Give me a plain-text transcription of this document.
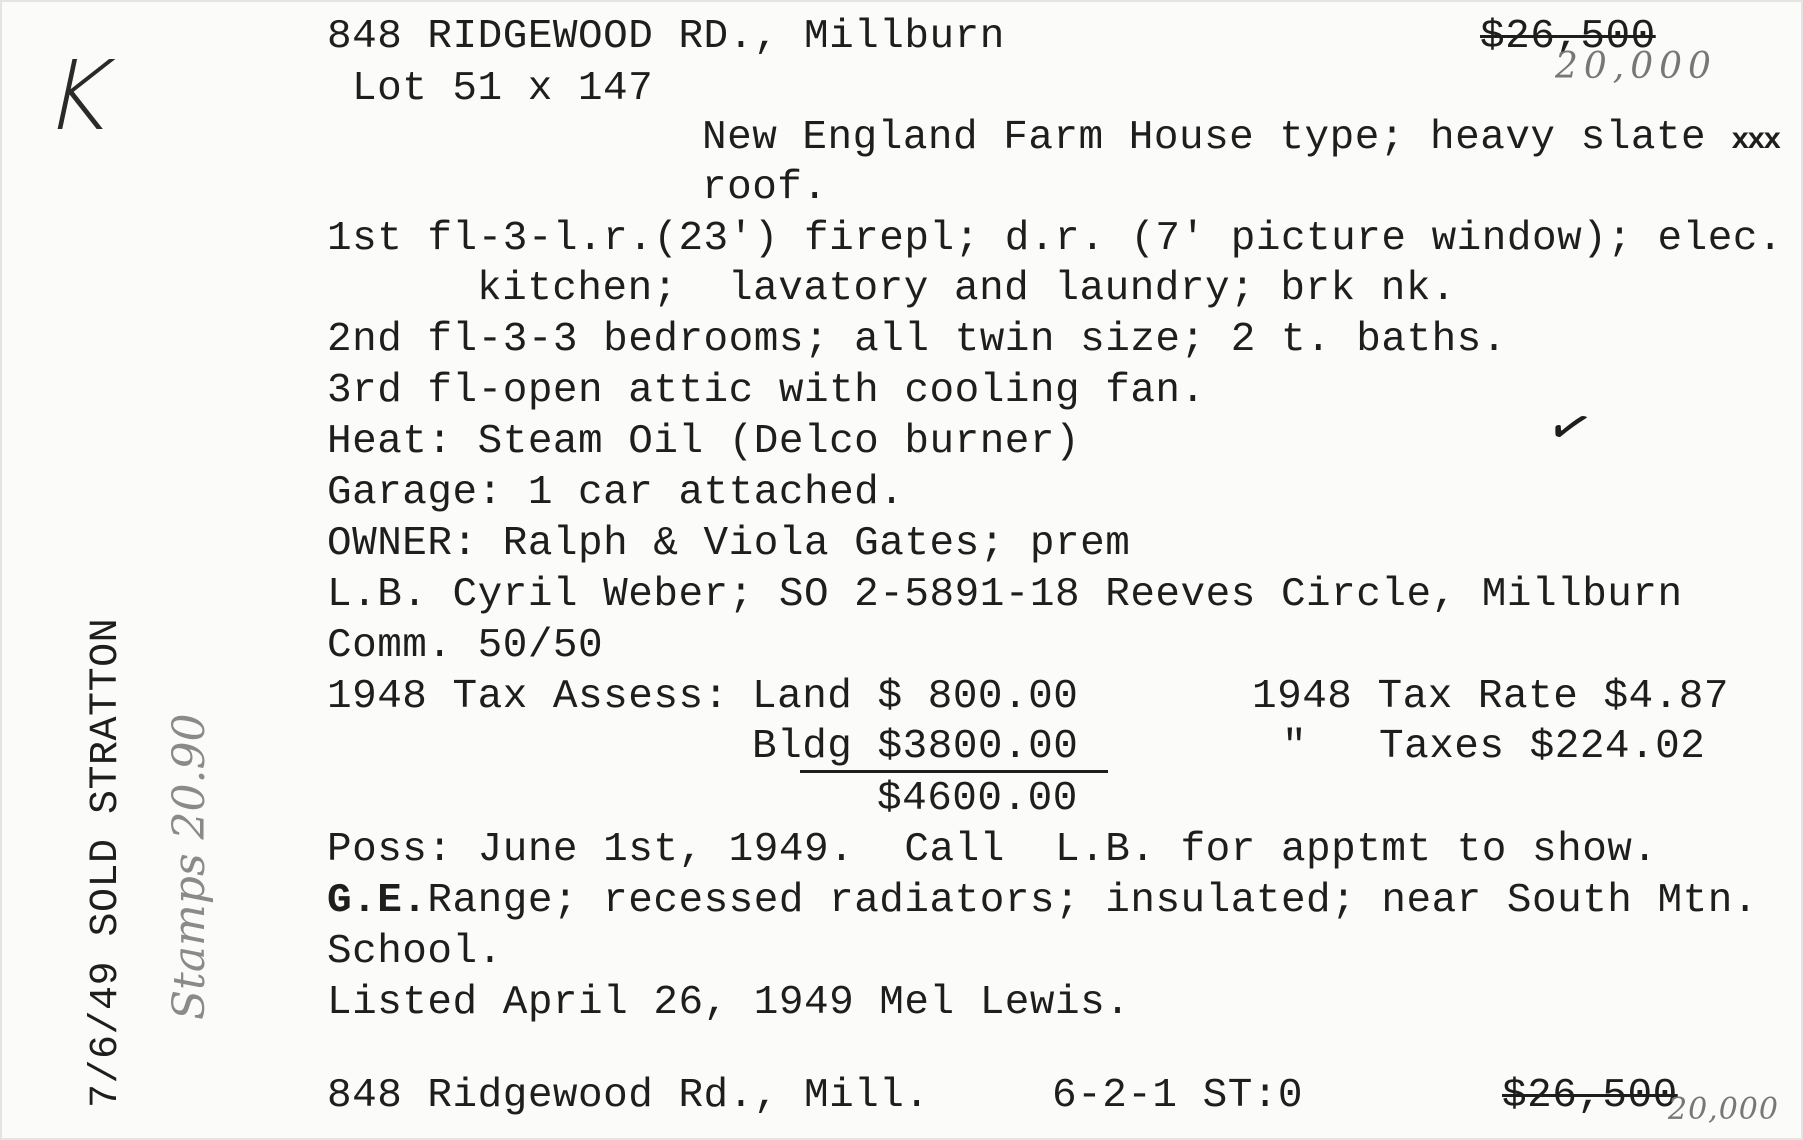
K
848 RIDGEWOOD RD., Millburn	$26,500
20,000
Lot 51 x 147
New England Farm House type; heavy slate xxx
roof.
1st fl-3-l.r.(23') firepl; d.r. (7' picture window); elec.
kitchen;  lavatory and laundry; brk nk.
2nd fl-3-3 bedrooms; all twin size; 2 t. baths.
3rd fl-open attic with cooling fan.
Heat: Steam Oil (Delco burner)	✓
Garage: 1 car attached.
OWNER: Ralph & Viola Gates; prem
L.B. Cyril Weber; SO 2-5891-18 Reeves Circle, Millburn
Comm. 50/50
1948 Tax Assess: Land $ 800.00	1948 Tax Rate $4.87
Bldg $3800.00	" Taxes $224.02
$4600.00
Poss: June 1st, 1949.  Call  L.B. for apptmt to show.
G.E.Range; recessed radiators; insulated; near South Mtn.
School.
Listed April 26, 1949 Mel Lewis.
848 Ridgewood Rd., Mill.	6-2-1 ST:0	$26,500
20,000
7/6/49 SOLD STRATTON Stamps 20.90
